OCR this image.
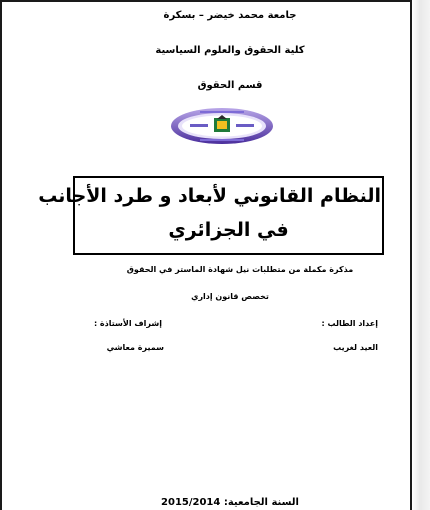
جامعة محمد خيضر – بسكرة
كلية الحقوق والعلوم السياسية
قسم الحقوق
النظام القانوني لأبعاد و طرد الأجانب
في الجزائري
مذكرة مكملة من متطلبات نيل شهادة الماستر في الحقوق
تخصص قانون إداري
إعداد الطالب :
إشراف الأستاذة :
العيد لغريب
سميرة معاشي
السنة الجامعية: 2015/2014
